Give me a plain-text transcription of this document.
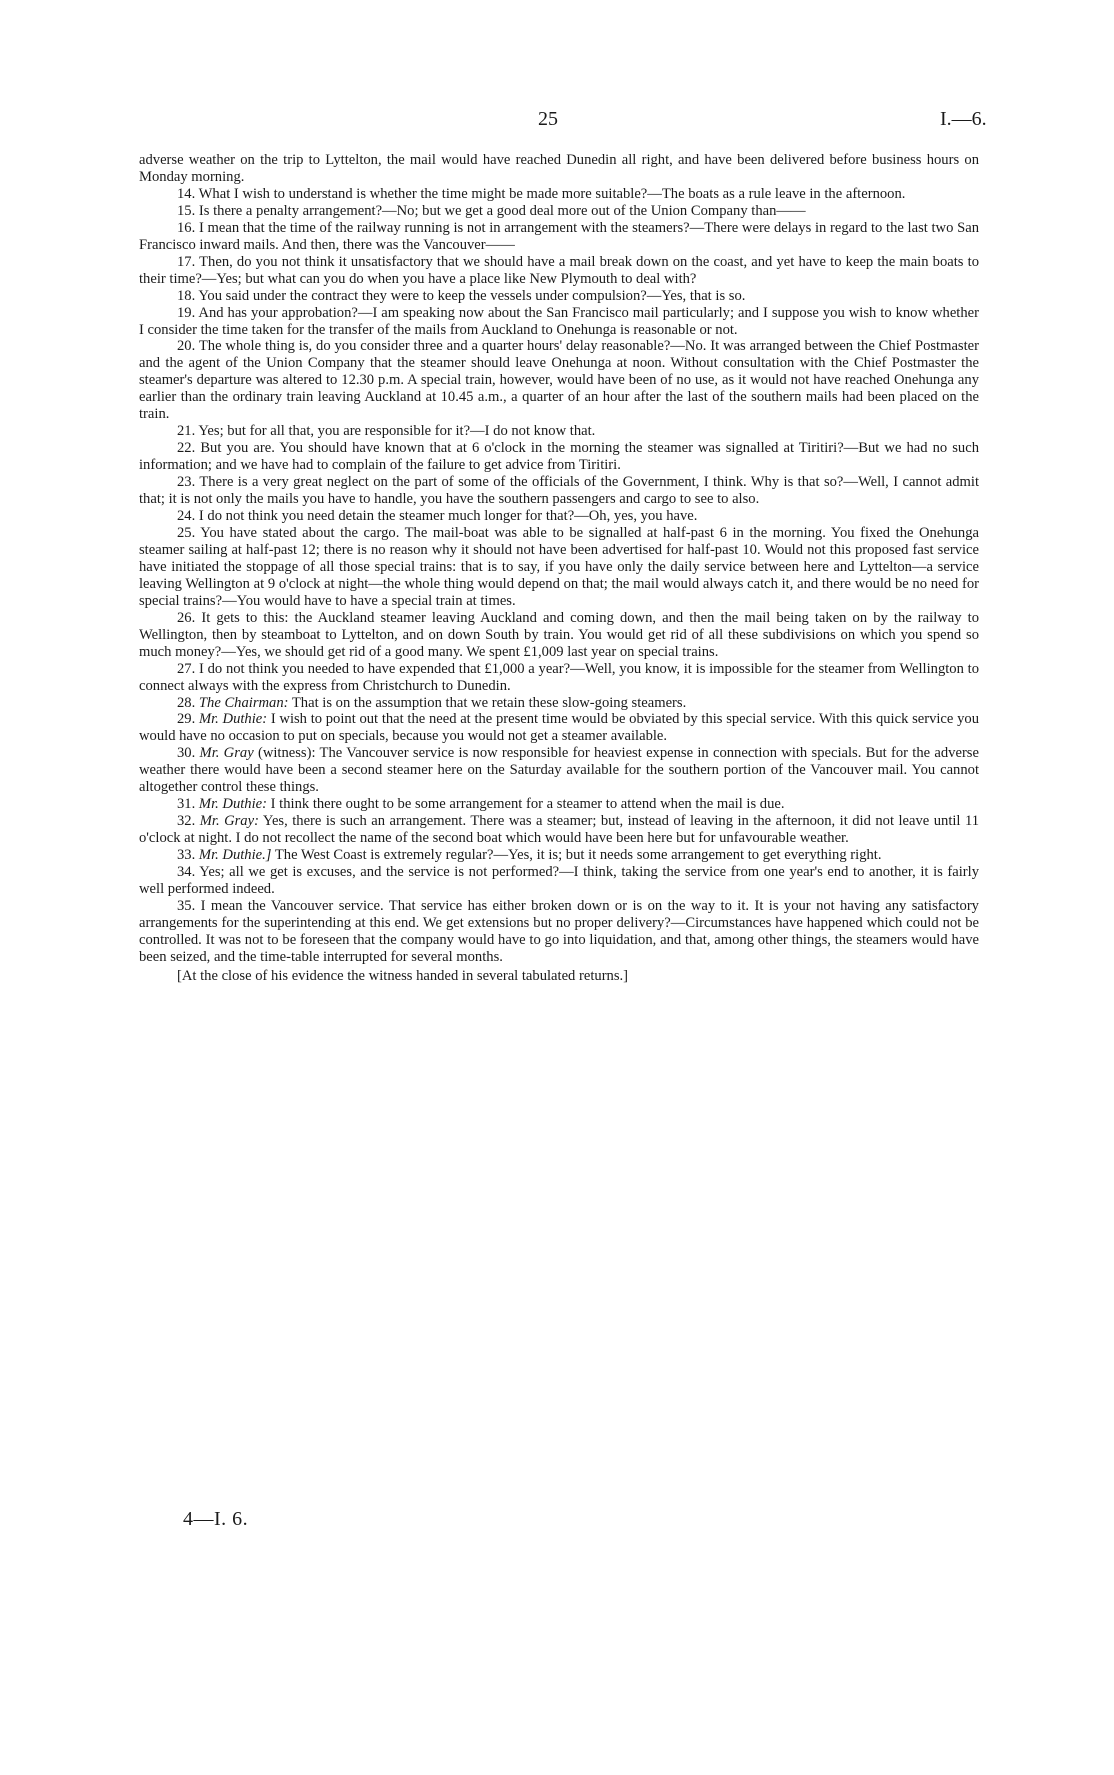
25	I.—6.

adverse weather on the trip to Lyttelton, the mail would have reached Dunedin all right, and have been delivered before business hours on Monday morning.

14. What I wish to understand is whether the time might be made more suitable?—The boats as a rule leave in the afternoon.

15. Is there a penalty arrangement?—No; but we get a good deal more out of the Union Company than——

16. I mean that the time of the railway running is not in arrangement with the steamers?—There were delays in regard to the last two San Francisco inward mails. And then, there was the Vancouver——

17. Then, do you not think it unsatisfactory that we should have a mail break down on the coast, and yet have to keep the main boats to their time?—Yes; but what can you do when you have a place like New Plymouth to deal with?

18. You said under the contract they were to keep the vessels under compulsion?—Yes, that is so.

19. And has your approbation?—I am speaking now about the San Francisco mail particularly; and I suppose you wish to know whether I consider the time taken for the transfer of the mails from Auckland to Onehunga is reasonable or not.

20. The whole thing is, do you consider three and a quarter hours' delay reasonable?—No. It was arranged between the Chief Postmaster and the agent of the Union Company that the steamer should leave Onehunga at noon. Without consultation with the Chief Postmaster the steamer's departure was altered to 12.30 p.m. A special train, however, would have been of no use, as it would not have reached Onehunga any earlier than the ordinary train leaving Auckland at 10.45 a.m., a quarter of an hour after the last of the southern mails had been placed on the train.

21. Yes; but for all that, you are responsible for it?—I do not know that.

22. But you are. You should have known that at 6 o'clock in the morning the steamer was signalled at Tiritiri?—But we had no such information; and we have had to complain of the failure to get advice from Tiritiri.

23. There is a very great neglect on the part of some of the officials of the Government, I think. Why is that so?—Well, I cannot admit that; it is not only the mails you have to handle, you have the southern passengers and cargo to see to also.

24. I do not think you need detain the steamer much longer for that?—Oh, yes, you have.

25. You have stated about the cargo. The mail-boat was able to be signalled at half-past 6 in the morning. You fixed the Onehunga steamer sailing at half-past 12; there is no reason why it should not have been advertised for half-past 10. Would not this proposed fast service have initiated the stoppage of all those special trains: that is to say, if you have only the daily service between here and Lyttelton—a service leaving Wellington at 9 o'clock at night—the whole thing would depend on that; the mail would always catch it, and there would be no need for special trains?—You would have to have a special train at times.

26. It gets to this: the Auckland steamer leaving Auckland and coming down, and then the mail being taken on by the railway to Wellington, then by steamboat to Lyttelton, and on down South by train. You would get rid of all these subdivisions on which you spend so much money?—Yes, we should get rid of a good many. We spent £1,009 last year on special trains.

27. I do not think you needed to have expended that £1,000 a year?—Well, you know, it is impossible for the steamer from Wellington to connect always with the express from Christchurch to Dunedin.

28. The Chairman: That is on the assumption that we retain these slow-going steamers.

29. Mr. Duthie: I wish to point out that the need at the present time would be obviated by this special service. With this quick service you would have no occasion to put on specials, because you would not get a steamer available.

30. Mr. Gray (witness): The Vancouver service is now responsible for heaviest expense in connection with specials. But for the adverse weather there would have been a second steamer here on the Saturday available for the southern portion of the Vancouver mail. You cannot altogether control these things.

31. Mr. Duthie: I think there ought to be some arrangement for a steamer to attend when the mail is due.

32. Mr. Gray: Yes, there is such an arrangement. There was a steamer; but, instead of leaving in the afternoon, it did not leave until 11 o'clock at night. I do not recollect the name of the second boat which would have been here but for unfavourable weather.

33. Mr. Duthie.] The West Coast is extremely regular?—Yes, it is; but it needs some arrangement to get everything right.

34. Yes; all we get is excuses, and the service is not performed?—I think, taking the service from one year's end to another, it is fairly well performed indeed.

35. I mean the Vancouver service. That service has either broken down or is on the way to it. It is your not having any satisfactory arrangements for the superintending at this end. We get extensions but no proper delivery?—Circumstances have happened which could not be controlled. It was not to be foreseen that the company would have to go into liquidation, and that, among other things, the steamers would have been seized, and the time-table interrupted for several months.

[At the close of his evidence the witness handed in several tabulated returns.]

4—I. 6.
